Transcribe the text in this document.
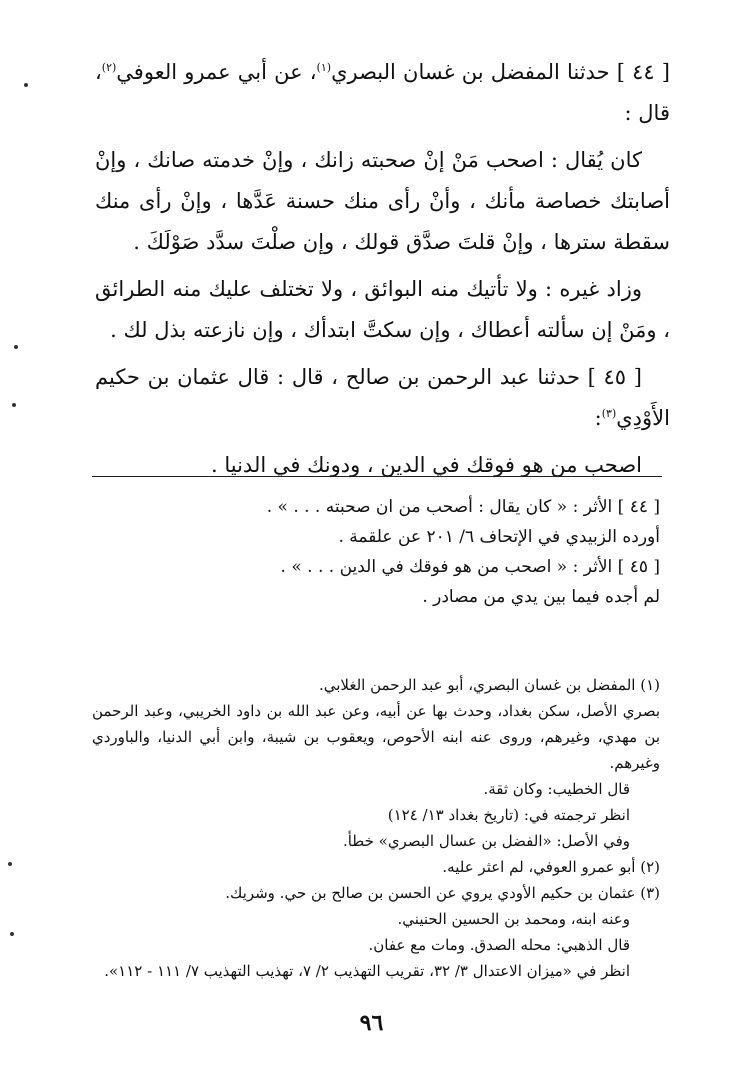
[ ٤٤ ] حدثنا المفضل بن غسان البصري$^{(١)}$، عن أبي عمرو العوفي$^{(٢)}$، قال :

كان يُقال : اصحب مَنْ إنْ صحبته زانك ، وإنْ خدمته صانك ، وإنْ أصابتك خصاصة مأنك ، وأنْ رأى منك حسنة عَدَّها ، وإنْ رأى منك سقطة سترها ، وإنْ قلتَ صدَّق قولك ، وإن صلْتَ سدَّد صَوْلَكَ .

وزاد غيره : ولا تأتيك منه البوائق ، ولا تختلف عليك منه الطرائق ، ومَنْ إن سألته أعطاك ، وإن سكتَّ ابتدأك ، وإن نازعته بذل لك .

[ ٤٥ ] حدثنا عبد الرحمن بن صالح ، قال : قال عثمان بن حكيم الأَوْدِي$^{(٣)}$:

اصحب من هو فوقك في الدين ، ودونك في الدنيا .

[ ٤٤ ] الأثر : « كان يقال : أصحب من ان صحبته . . . » .

أورده الزبيدي في الإتحاف ٦/ ٢٠١ عن علقمة .

[ ٤٥ ] الأثر : « اصحب من هو فوقك في الدين . . . » .

لم أجده فيما بين يدي من مصادر .

(١) المفضل بن غسان البصري، أبو عبد الرحمن الغلابي.

بصري الأصل، سكن بغداد، وحدث بها عن أبيه، وعن عبد الله بن داود الخريبي، وعبد الرحمن بن مهدي، وغيرهم، وروى عنه ابنه الأحوص، ويعقوب بن شيبة، وابن أبي الدنيا، والباوردي وغيرهم.

قال الخطيب: وكان ثقة.

انظر ترجمته في: (تاريخ بغداد ١٣/ ١٢٤)

وفي الأصل: «الفضل بن عسال البصري» خطأ.

(٢) أبو عمرو العوفي، لم اعثر عليه.

(٣) عثمان بن حكيم الأودي يروي عن الحسن بن صالح بن حي. وشريك.

وعنه ابنه، ومحمد بن الحسين الحنيني.

قال الذهبي: محله الصدق. ومات مع عفان.

انظر في «ميزان الاعتدال ٣/ ٣٢، تقريب التهذيب ٢/ ٧، تهذيب التهذيب ٧/ ١١١ - ١١٢».

٩٦
